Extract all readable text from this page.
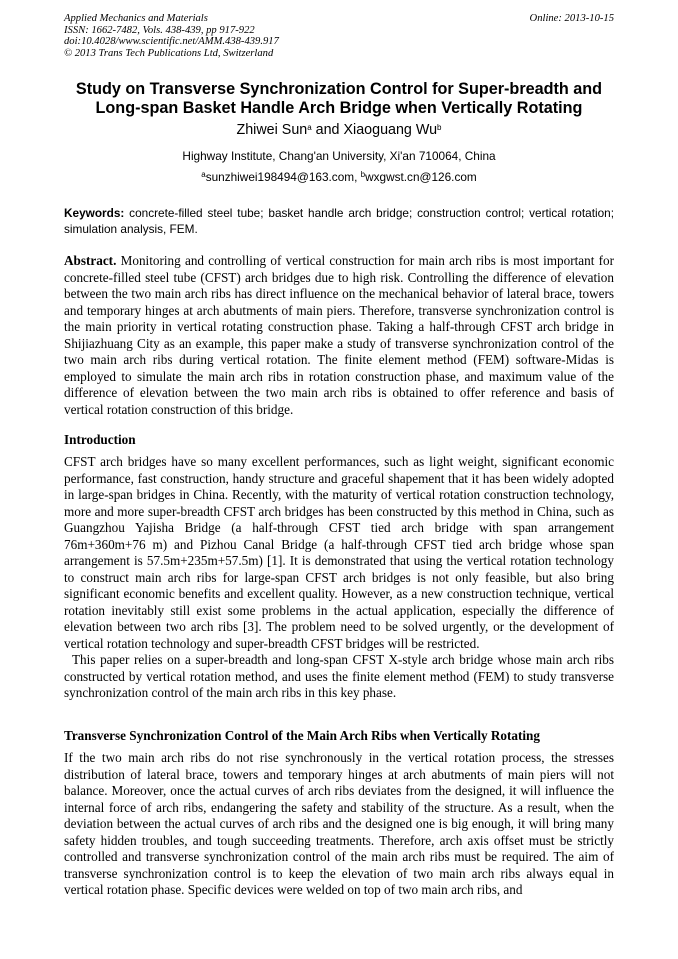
Applied Mechanics and Materials
ISSN: 1662-7482, Vols. 438-439, pp 917-922
doi:10.4028/www.scientific.net/AMM.438-439.917
© 2013 Trans Tech Publications Ltd, Switzerland
Online: 2013-10-15
Study on Transverse Synchronization Control for Super-breadth and
Long-span Basket Handle Arch Bridge when Vertically Rotating
Zhiwei Sun$^a$ and Xiaoguang Wu$^b$
Highway Institute, Chang'an University, Xi'an 710064, China
$^a$sunzhiwei198494@163.com, $^b$wxgwst.cn@126.com
Keywords: concrete-filled steel tube; basket handle arch bridge; construction control; vertical rotation; simulation analysis, FEM.

Abstract. Monitoring and controlling of vertical construction for main arch ribs is most important for concrete-filled steel tube (CFST) arch bridges due to high risk. Controlling the difference of elevation between the two main arch ribs has direct influence on the mechanical behavior of lateral brace, towers and temporary hinges at arch abutments of main piers. Therefore, transverse synchronization control is the main priority in vertical rotating construction phase. Taking a half-through CFST arch bridge in Shijiazhuang City as an example, this paper make a study of transverse synchronization control of the two main arch ribs during vertical rotation. The finite element method (FEM) software-Midas is employed to simulate the main arch ribs in rotation construction phase, and maximum value of the difference of elevation between the two main arch ribs is obtained to offer reference and basis of vertical rotation construction of this bridge.

Introduction

CFST arch bridges have so many excellent performances, such as light weight, significant economic performance, fast construction, handy structure and graceful shapement that it has been widely adopted in large-span bridges in China. Recently, with the maturity of vertical rotation construction technology, more and more super-breadth CFST arch bridges has been constructed by this method in China, such as Guangzhou Yajisha Bridge (a half-through CFST tied arch bridge with span arrangement 76m+360m+76 m) and Pizhou Canal Bridge (a half-through CFST tied arch bridge whose span arrangement is 57.5m+235m+57.5m) [1]. It is demonstrated that using the vertical rotation technology to construct main arch ribs for large-span CFST arch bridges is not only feasible, but also bring significant economic benefits and excellent quality. However, as a new construction technique, vertical rotation inevitably still exist some problems in the actual application, especially the difference of elevation between two arch ribs [3]. The problem need to be solved urgently, or the development of vertical rotation technology and super-breadth CFST bridges will be restricted.

This paper relies on a super-breadth and long-span CFST X-style arch bridge whose main arch ribs constructed by vertical rotation method, and uses the finite element method (FEM) to study transverse synchronization control of the main arch ribs in this key phase.

Transverse Synchronization Control of the Main Arch Ribs when Vertically Rotating

If the two main arch ribs do not rise synchronously in the vertical rotation process, the stresses distribution of lateral brace, towers and temporary hinges at arch abutments of main piers will not balance. Moreover, once the actual curves of arch ribs deviates from the designed, it will influence the internal force of arch ribs, endangering the safety and stability of the structure. As a result, when the deviation between the actual curves of arch ribs and the designed one is big enough, it will bring many safety hidden troubles, and tough succeeding treatments. Therefore, arch axis offset must be strictly controlled and transverse synchronization control of the main arch ribs must be required. The aim of transverse synchronization control is to keep the elevation of two main arch ribs always equal in vertical rotation phase. Specific devices were welded on top of two main arch ribs, and
